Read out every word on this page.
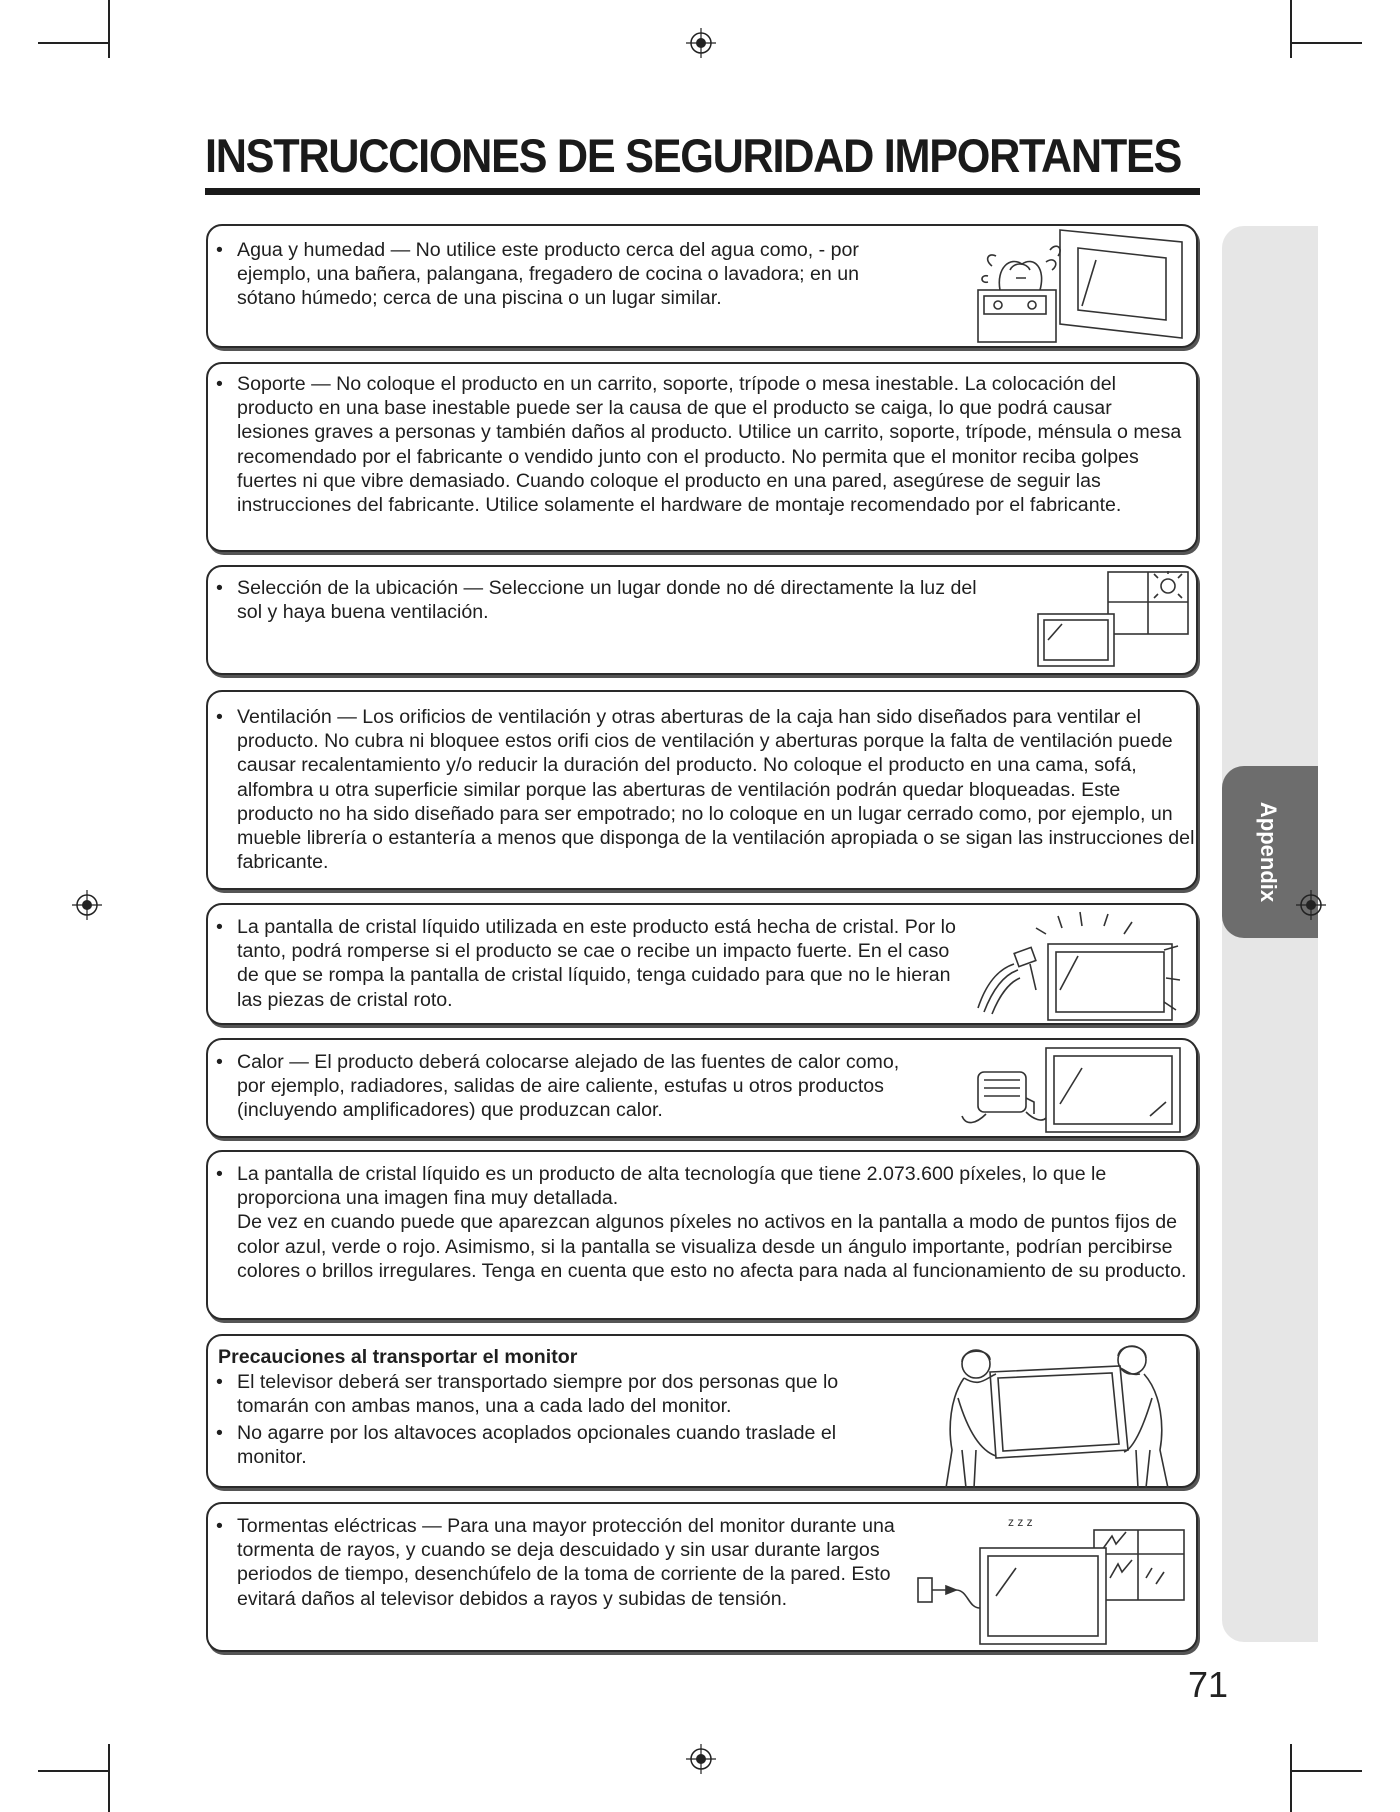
INSTRUCCIONES DE SEGURIDAD IMPORTANTES
Appendix
• Agua y humedad — No utilice este producto cerca del agua como, - por ejemplo, una bañera, palangana, fregadero de cocina o lavadora; en un sótano húmedo; cerca de una piscina o un lugar similar.
• Soporte — No coloque el producto en un carrito, soporte, trípode o mesa inestable. La colocación del producto en una base inestable puede ser la causa de que el producto se caiga, lo que podrá causar lesiones graves a personas y también daños al producto. Utilice un carrito, soporte, trípode, ménsula o mesa recomendado por el fabricante o vendido junto con el producto. No permita que el monitor reciba golpes fuertes ni que vibre demasiado. Cuando coloque el producto en una pared, asegúrese de seguir las instrucciones del fabricante. Utilice solamente el hardware de montaje recomendado por el fabricante.
• Selección de la ubicación — Seleccione un lugar donde no dé directamente la luz del sol y haya buena ventilación.
• Ventilación — Los orificios de ventilación y otras aberturas de la caja han sido diseñados para ventilar el producto. No cubra ni bloquee estos orifi cios de ventilación y aberturas porque la falta de ventilación puede causar recalentamiento y/o reducir la duración del producto. No coloque el producto en una cama, sofá, alfombra u otra superficie similar porque las aberturas de ventilación podrán quedar bloqueadas. Este producto no ha sido diseñado para ser empotrado; no lo coloque en un lugar cerrado como, por ejemplo, un mueble librería o estantería a menos que disponga de la ventilación apropiada o se sigan las instrucciones del fabricante.
• La pantalla de cristal líquido utilizada en este producto está hecha de cristal. Por lo tanto, podrá romperse si el producto se cae o recibe un impacto fuerte. En el caso de que se rompa la pantalla de cristal líquido, tenga cuidado para que no le hieran las piezas de cristal roto.
• Calor — El producto deberá colocarse alejado de las fuentes de calor como, por ejemplo, radiadores, salidas de aire caliente, estufas u otros productos (incluyendo amplificadores) que produzcan calor.
• La pantalla de cristal líquido es un producto de alta tecnología que tiene 2.073.600 píxeles, lo que le proporciona una imagen fina muy detallada.
De vez en cuando puede que aparezcan algunos píxeles no activos en la pantalla a modo de puntos fijos de color azul, verde o rojo. Asimismo, si la pantalla se visualiza desde un ángulo importante, podrían percibirse colores o brillos irregulares. Tenga en cuenta que esto no afecta para nada al funcionamiento de su producto.
Precauciones al transportar el monitor
• El televisor deberá ser transportado siempre por dos personas que lo tomarán con ambas manos, una a cada lado del monitor.
• No agarre por los altavoces acoplados opcionales cuando traslade el monitor.
• Tormentas eléctricas — Para una mayor protección del monitor durante una tormenta de rayos, y cuando se deja descuidado y sin usar durante largos periodos de tiempo, desenchúfelo de la toma de corriente de la pared. Esto evitará daños al televisor debidos a rayos y subidas de tensión.
z z z
71
